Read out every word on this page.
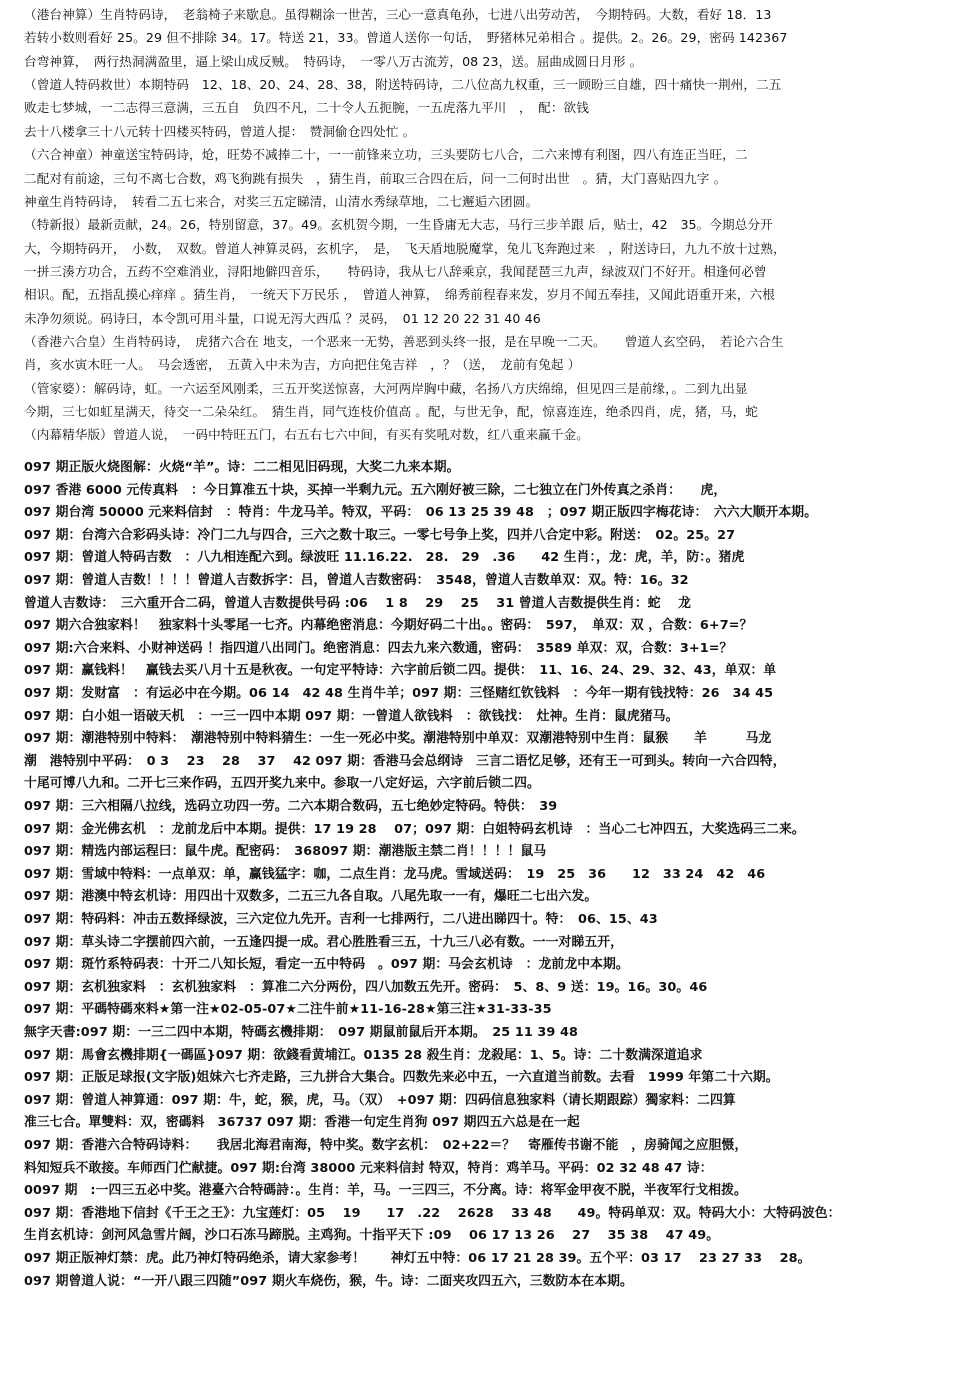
（港台神算）生肖特码诗，　老翁椅子来歇息。虽得糊涂一世苦，三心一意真龟孙，七进八出劳动苦，　今期特码。大数，看好 18．13
若转小数则看好 25。29 但不排除 34。17。特送 21，33。曾道人送你一句话，　野猪林兄弟相合 。提供。2。26。29，密码 142367
台弯神算，　两行热洞满盈里，逼上梁山成反贼。　特码诗，　一零八万古流芳，08 23，送。屈曲成圆日月形 。
（曾道人特码救世）本期特码　12、18、20、24、28、38，附送特码诗，二八位高九权重，三一顾盼三自雄，四十痛快一荆州，二五
败走七梦城，一二志得三意满，三五自　负四不凡，二十令人五扼腕，一五虎落九平川　，　配：欲钱
去十八楼拿三十八元转十四楼买特码，曾道人提：　赞洞偷仓四处忙 。
（六合神童）神童送宝特码诗，炝，旺势不减捧二十，一一前锋来立功，三头要防七八合，二六来博有利图，四八有连正当旺，二
二配对有前途，三句不离七合数，鸡飞狗跳有损失　，猜生肖，前取三合四在后，问一二何时出世　。猜，大门喜贴四九字 。
神童生肖特码诗，　转看二五七来合，对奖三五定睇清，山清水秀绿草地，二七邂逅六团圆。
（特新报）最新贡献，24。26，特别留意，37。49。玄机贺今期，一生昏庸无大志，马行三步羊跟 后，贴士，42　35。今期总分开
大，今期特码开，　小数，　双数。曾道人神算灵码，玄机字，　是，　飞天盾地脱魔掌，兔儿飞奔跑过来　，附送诗曰，九九不放十过熟，
一拼三湊方功合，五药不空难消业，浔阳地僻四音乐，　　特码诗，我从七八辞乘京，我闻琵琶三九声，绿波双门不好开。相逢何必曾
相识。配，五指乱摸心痒痒 。猜生肖，　一统天下万民乐 ，　曾道人神算，　绵秀前程春来发，岁月不闻五奉挂，又闻此语重开来，六根
未净勿须说。码诗曰，本令凯可用斗量，口说无泻大西瓜 ？灵码，　01 12 20 22 31 40 46
（香港六合皇）生肖特码诗，　虎猪六合在 地支，一个恶来一无势，善恶到头终一报，是在早晚一二天。　　曾道人玄空码，　若论六合生
肖，亥水寅木旺一人。　马会透密，　五黄入中未为吉，方向把住兔吉祥　，？（送，　龙前有兔起 ）
（管家婆）：解码诗，虹。一六运至风刚柔，三五开奖送惊喜，大河两岸胸中藏，名扬八方庆绵绵，但见四三是前缘，。二到九出显
今期，三七如虹星满天，待交一二朵朵红。　猜生肖，同气连枝价值高 。配，与世无争，配，惊喜连连，绝杀四肖，虎，猪，马，蛇
（内幕精华版）曾道人说，　一码中特旺五门，右五右七六中间，有买有奖吼对数，红八重来赢千金。
097 期正版火烧图解：火烧“羊”。诗：二二相见旧码现，大奖二九来本期。
097 香港 6000 元传真料　：今日算准五十块，买掉一半剩九元。五六刚好被三除，二七独立在门外传真之杀肖：　　虎，
097 期台湾 50000 元来料信封　：特肖：牛龙马羊。特双，平码：　06 13 25 39 48　；097 期正版四字梅花诗：　六六大顺开本期。
097 期：台湾六合彩码头诗：冷门二九与四合，三六之数十取三。一零七号争上奖，四并八合定中彩。附送：　02。25。27
097 期：曾道人特码吉数　：八九相连配六到。绿波旺 11.16.22.　28.　29　.36　　42 生肖：，龙：虎，羊，防：。猪虎
097 期：曾道人吉数！！！！曾道人吉数拆字：吕，曾道人吉数密码：　3548，曾道人吉数单双：双。特：16。32
曾道人吉数诗：　三六重开合二码，曾道人吉数提供号码 :06　 1 8　 29　 25　 31 曾道人吉数提供生肖：蛇　 龙
097 期六合独家料！　独家料十头零尾一七齐。内幕绝密消息：今期好码二十出。。密码：　597，　单双：双 ，合数：6+7=？
097 期:六合来料、小财神送码 ！指四道八出同门。绝密消息：四去九来六数通，密码：　3589 单双：双，合数：3+1=？
097 期：赢钱料！　赢钱去买八月十五是秋夜。一句定平特诗：六字前后锁二四。提供：　11、16、24、29、32、43，单双：单
097 期：发财富　：有运必中在今期。06 14　42 48 生肖牛羊；097 期：三怪赌红钦钱料　：今年一期有钱找特：26　34 45
097 期：白小姐一语破天机　：一三一四中本期 097 期：一曾道人欲钱料　：欲钱找：　灶神。生肖：鼠虎猪马。
097 期：潮港特别中特料：　潮港特别中特料猜生：一生一死必中奖。潮港特别中单双：双潮港特别中生肖：鼠猴　　羊　　　马龙
潮　港特别中平码：　0 3　 23　 28　 37　 42 097 期：香港马会总纲诗　三言二语忆足够，还有王一可到头。转向一六合四特，
十尾可博八九和。二开七三来作码，五四开奖九来中。参取一八定好运，六字前后锁二四。
097 期：三六相隔八拉线，选码立功四一劳。二六本期合数码，五七绝妙定特码。特供：　39
097 期：金光佛玄机　：龙前龙后中本期。提供：17 19 28　 07；097 期：白姐特码玄机诗　：当心二七冲四五，大奖选码三二来。
097 期：精选内部运程曰：鼠牛虎。配密码：　368097 期：潮港版主禁二肖！！！！鼠马
097 期：雪域中特料：一点单双：单，赢钱猛字：咖，二点生肖：龙马虎。雪域送码：　19　25　36　　12　33 24　42　46
097 期：港澳中特玄机诗：用四出十双数多，二五三九各自取。八尾先取一一有，爆旺二七出六发。
097 期：特码料：冲击五数择绿波，三六定位九先开。吉利一七排两行，二八进出睇四十。特：　06、15、43
097 期：草头诗二字摆前四六前，一五逢四提一成。君心胜胜看三五，十九三八必有数。一一对睇五开，
097 期：斑竹系特码表：十开二八知长短，看定一五中特码　。097 期：马会玄机诗　：龙前龙中本期。
097 期：玄机独家料　：玄机独家料　：算准二六分两份，四八加数五先开。密码：　5、8、9 送：19。16。30。46
097 期：平碼特碼來料★第一注★02-05-07★二注牛前★11-16-28★第三注★31-33-35
無字天書:097 期：一三二四中本期，特碼玄機排期：　097 期鼠前鼠后开本期。　25 11 39 48
097 期：馬會玄機排期{一碼區}097 期：欲錢看黄埔江。0135 28 殺生肖：龙殺尾：1、5。诗：二十数满深道追求
097 期：正版足球报(文字版)姐妹六七齐走路，三九拼合大集合。四数先来必中五，一六直道当前数。去看　1999 年第二十六期。
097 期：曾道人神算通：097 期：牛，蛇，猴，虎，马。（双）　+097 期：四码信息独家料（请长期跟踪）獨家料：二四算
准三七合。單雙料：双，密碼料　36737 097 期：香港一句定生肖狗 097 期四五六总是在一起
097 期：香港六合特码诗料：　　我居北海君南海，特中奖。数字玄机：　02+22＝？　寄雁传书谢不能　，房骑闻之应胆慑，
料知短兵不敢接。车师西门伫献捷。097 期:台湾 38000 元来料信封 特双，特肖：鸡羊马。平码：02 32 48 47 诗：
0097 期　:一四三五必中奖。港臺六合特碼詩：。生肖：羊，马。一三四三，不分离。诗：将军金甲夜不脱，半夜军行戈相拨。
097 期：香港地下信封《千王之王》：九宝莲灯：05　 19　　17　.22　 2628　 33 48　　49。特码单双：双。特码大小：大特码波色：
生肖玄机诗：剑河风急雪片阔，沙口石冻马蹄脱。主鸡狗。十指平天下 :09　 06 17 13 26　 27　 35 38　 47 49。
097 期正版神灯禁：虎。此乃神灯特码绝杀，请大家参考！　　神灯五中特：06 17 21 28 39。五个平：03 17　 23 27 33　 28。
097 期曾道人说：“一开八跟三四随”097 期火车烧伤，猴，牛。诗：二面夹攻四五六，三数防本在本期。
